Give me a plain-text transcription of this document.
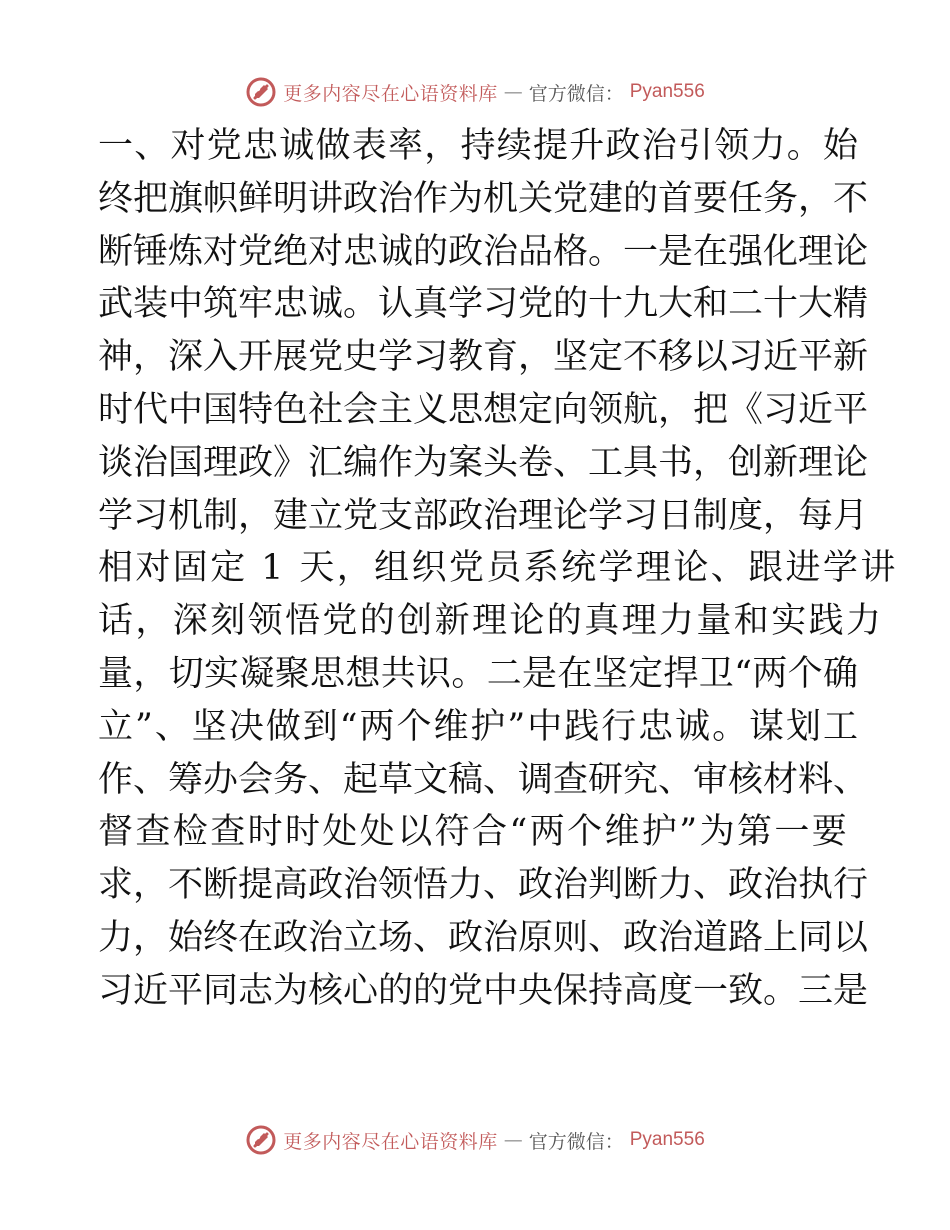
更多内容尽在心语资料库 — 官方微信： Pyan556
一、对党忠诚做表率，持续提升政治引领力。始
终把旗帜鲜明讲政治作为机关党建的首要任务，不
断锤炼对党绝对忠诚的政治品格。一是在强化理论
武装中筑牢忠诚。认真学习党的十九大和二十大精
神，深入开展党史学习教育，坚定不移以习近平新
时代中国特色社会主义思想定向领航，把《习近平
谈治国理政》汇编作为案头卷、工具书，创新理论
学习机制，建立党支部政治理论学习日制度，每月
相对固定 1 天，组织党员系统学理论、跟进学讲
话，深刻领悟党的创新理论的真理力量和实践力
量，切实凝聚思想共识。二是在坚定捍卫“两个确
立”、坚决做到“两个维护”中践行忠诚。谋划工
作、筹办会务、起草文稿、调查研究、审核材料、
督查检查时时处处以符合“两个维护”为第一要
求，不断提高政治领悟力、政治判断力、政治执行
力，始终在政治立场、政治原则、政治道路上同以
习近平同志为核心的的党中央保持高度一致。三是
更多内容尽在心语资料库 — 官方微信： Pyan556
